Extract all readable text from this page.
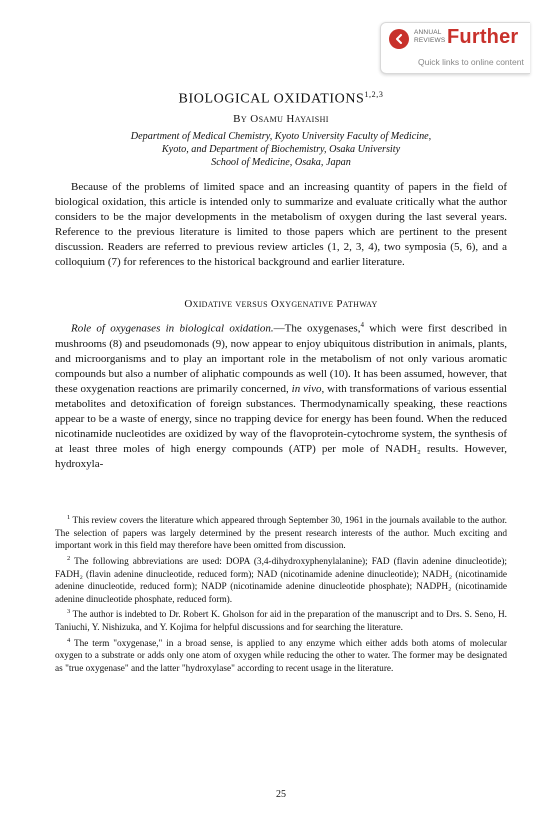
ANNUAL
REVIEWS Further
Quick links to online content
BIOLOGICAL OXIDATIONS$^{1,2,3}$
By Osamu Hayaishi
Department of Medical Chemistry, Kyoto University Faculty of Medicine,
Kyoto, and Department of Biochemistry, Osaka University
School of Medicine, Osaka, Japan

Because of the problems of limited space and an increasing quantity of papers in the field of biological oxidation, this article is intended only to summarize and evaluate critically what the author considers to be the major developments in the metabolism of oxygen during the last several years. Reference to the previous literature is limited to those papers which are pertinent to the present discussion. Readers are referred to previous review articles (1, 2, 3, 4), two symposia (5, 6), and a colloquium (7) for references to the historical background and earlier literature.

Oxidative versus Oxygenative Pathway

Role of oxygenases in biological oxidation.—The oxygenases,$^4$ which were first described in mushrooms (8) and pseudomonads (9), now appear to enjoy ubiquitous distribution in animals, plants, and microorganisms and to play an important role in the metabolism of not only various aromatic compounds but also a number of aliphatic compounds as well (10). It has been assumed, however, that these oxygenation reactions are primarily concerned, in vivo, with transformations of various essential metabolites and detoxification of foreign substances. Thermodynamically speaking, these reactions appear to be a waste of energy, since no trapping device for energy has been found. When the reduced nicotinamide nucleotides are oxidized by way of the flavoprotein-cytochrome system, the synthesis of at least three moles of high energy compounds (ATP) per mole of NADH₂ results. However, hydroxyla-

$^1$ This review covers the literature which appeared through September 30, 1961 in the journals available to the author. The selection of papers was largely determined by the present research interests of the author. Much exciting and important work in this field may therefore have been omitted from discussion.

$^2$ The following abbreviations are used: DOPA (3,4-dihydroxyphenylalanine); FAD (flavin adenine dinucleotide); FADH₂ (flavin adenine dinucleotide, reduced form); NAD (nicotinamide adenine dinucleotide); NADH₂ (nicotinamide adenine dinucleotide, reduced form); NADP (nicotinamide adenine dinucleotide phosphate); NADPH₂ (nicotinamide adenine dinucleotide phosphate, reduced form).

$^3$ The author is indebted to Dr. Robert K. Gholson for aid in the preparation of the manuscript and to Drs. S. Seno, H. Taniuchi, Y. Nishizuka, and Y. Kojima for helpful discussions and for searching the literature.

$^4$ The term "oxygenase," in a broad sense, is applied to any enzyme which either adds both atoms of molecular oxygen to a substrate or adds only one atom of oxygen while reducing the other to water. The former may be designated as "true oxygenase" and the latter "hydroxylase" according to recent usage in the literature.

25
